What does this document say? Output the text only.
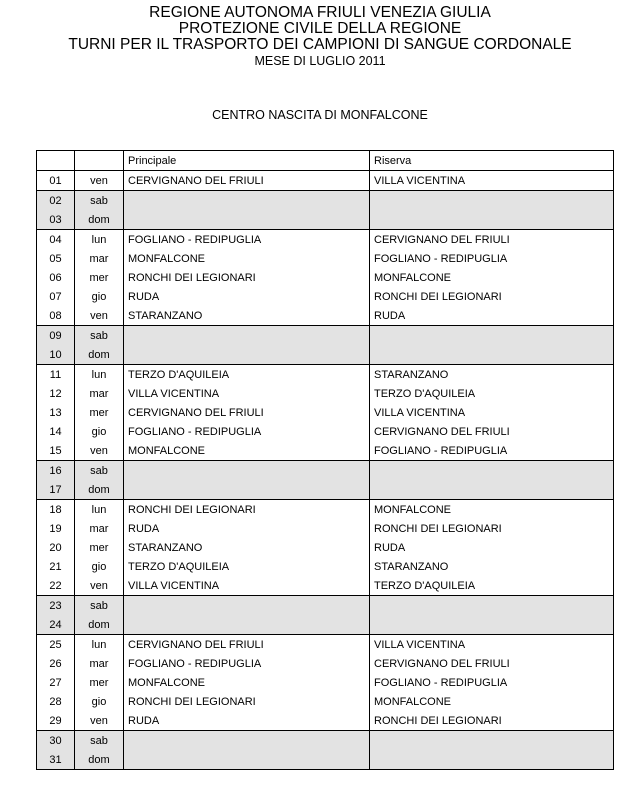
REGIONE AUTONOMA FRIULI VENEZIA GIULIA
PROTEZIONE CIVILE DELLA REGIONE
TURNI PER IL TRASPORTO DEI CAMPIONI DI SANGUE CORDONALE
MESE DI LUGLIO 2011
CENTRO NASCITA DI MONFALCONE
		Principale	Riserva
01	ven	CERVIGNANO DEL FRIULI	VILLA VICENTINA
02	sab		
03	dom		
04	lun	FOGLIANO - REDIPUGLIA	CERVIGNANO DEL FRIULI
05	mar	MONFALCONE	FOGLIANO - REDIPUGLIA
06	mer	RONCHI DEI LEGIONARI	MONFALCONE
07	gio	RUDA	RONCHI DEI LEGIONARI
08	ven	STARANZANO	RUDA
09	sab		
10	dom		
11	lun	TERZO D'AQUILEIA	STARANZANO
12	mar	VILLA VICENTINA	TERZO D'AQUILEIA
13	mer	CERVIGNANO DEL FRIULI	VILLA VICENTINA
14	gio	FOGLIANO - REDIPUGLIA	CERVIGNANO DEL FRIULI
15	ven	MONFALCONE	FOGLIANO - REDIPUGLIA
16	sab		
17	dom		
18	lun	RONCHI DEI LEGIONARI	MONFALCONE
19	mar	RUDA	RONCHI DEI LEGIONARI
20	mer	STARANZANO	RUDA
21	gio	TERZO D'AQUILEIA	STARANZANO
22	ven	VILLA VICENTINA	TERZO D'AQUILEIA
23	sab		
24	dom		
25	lun	CERVIGNANO DEL FRIULI	VILLA VICENTINA
26	mar	FOGLIANO - REDIPUGLIA	CERVIGNANO DEL FRIULI
27	mer	MONFALCONE	FOGLIANO - REDIPUGLIA
28	gio	RONCHI DEI LEGIONARI	MONFALCONE
29	ven	RUDA	RONCHI DEI LEGIONARI
30	sab		
31	dom		
